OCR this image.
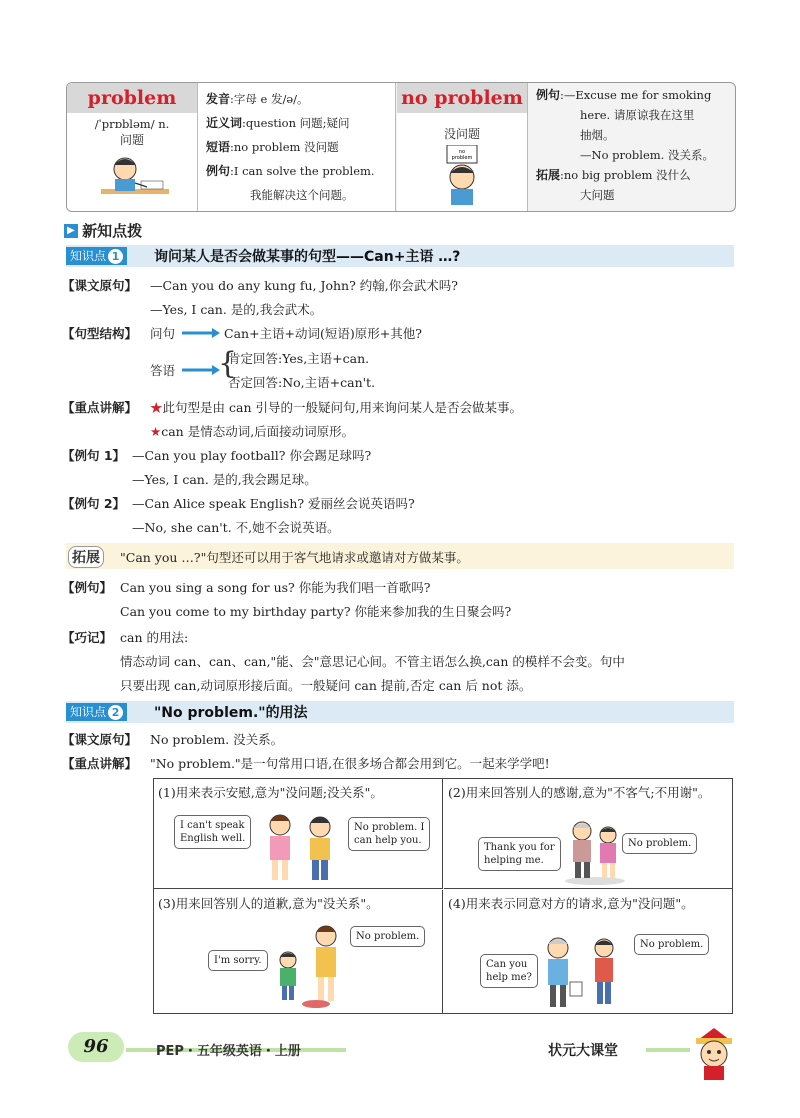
problem
/ˈprɒbləm/ n.
问题
发音:字母 e 发/ə/。
近义词:question 问题;疑问
短语:no problem 没问题
例句:I can solve the problem.
我能解决这个问题。
no problem
没问题
no
problem
例句:—Excuse me for smoking
here. 请原谅我在这里
抽烟。
—No problem. 没关系。
拓展:no big problem 没什么
大问题
▶ 新知点拨
知识点 1	询问某人是否会做某事的句型——Can+主语 …?
【课文原句】 —Can you do any kung fu, John? 约翰,你会武术吗?
—Yes, I can. 是的,我会武术。
【句型结构】 问句	Can+主语+动词(短语)原形+其他?
答语 {
肯定回答:Yes,主语+can.
否定回答:No,主语+can't.
【重点讲解】 ★此句型是由 can 引导的一般疑问句,用来询问某人是否会做某事。
★can 是情态动词,后面接动词原形。
【例句 1】 —Can you play football? 你会踢足球吗?
—Yes, I can. 是的,我会踢足球。
【例句 2】 —Can Alice speak English? 爱丽丝会说英语吗?
—No, she can't. 不,她不会说英语。
拓展	"Can you …?"句型还可以用于客气地请求或邀请对方做某事。
【例句】 Can you sing a song for us? 你能为我们唱一首歌吗?
Can you come to my birthday party? 你能来参加我的生日聚会吗?
【巧记】 can 的用法:
情态动词 can、can、can,"能、会"意思记心间。不管主语怎么换,can 的模样不会变。句中
只要出现 can,动词原形接后面。一般疑问 can 提前,否定 can 后 not 添。
知识点 2	"No problem."的用法
【课文原句】 No problem. 没关系。
【重点讲解】 "No problem."是一句常用口语,在很多场合都会用到它。一起来学学吧!
(1)用来表示安慰,意为"没问题;没关系"。
I can't speak
English well.
No problem. I
can help you.
(2)用来回答别人的感谢,意为"不客气;不用谢"。
Thank you for
helping me.
No problem.
(3)用来回答别人的道歉,意为"没关系"。
I'm sorry.
No problem.
(4)用来表示同意对方的请求,意为"没问题"。
Can you
help me?
No problem.
96	PEP・五年级英语・上册	状元大课堂
